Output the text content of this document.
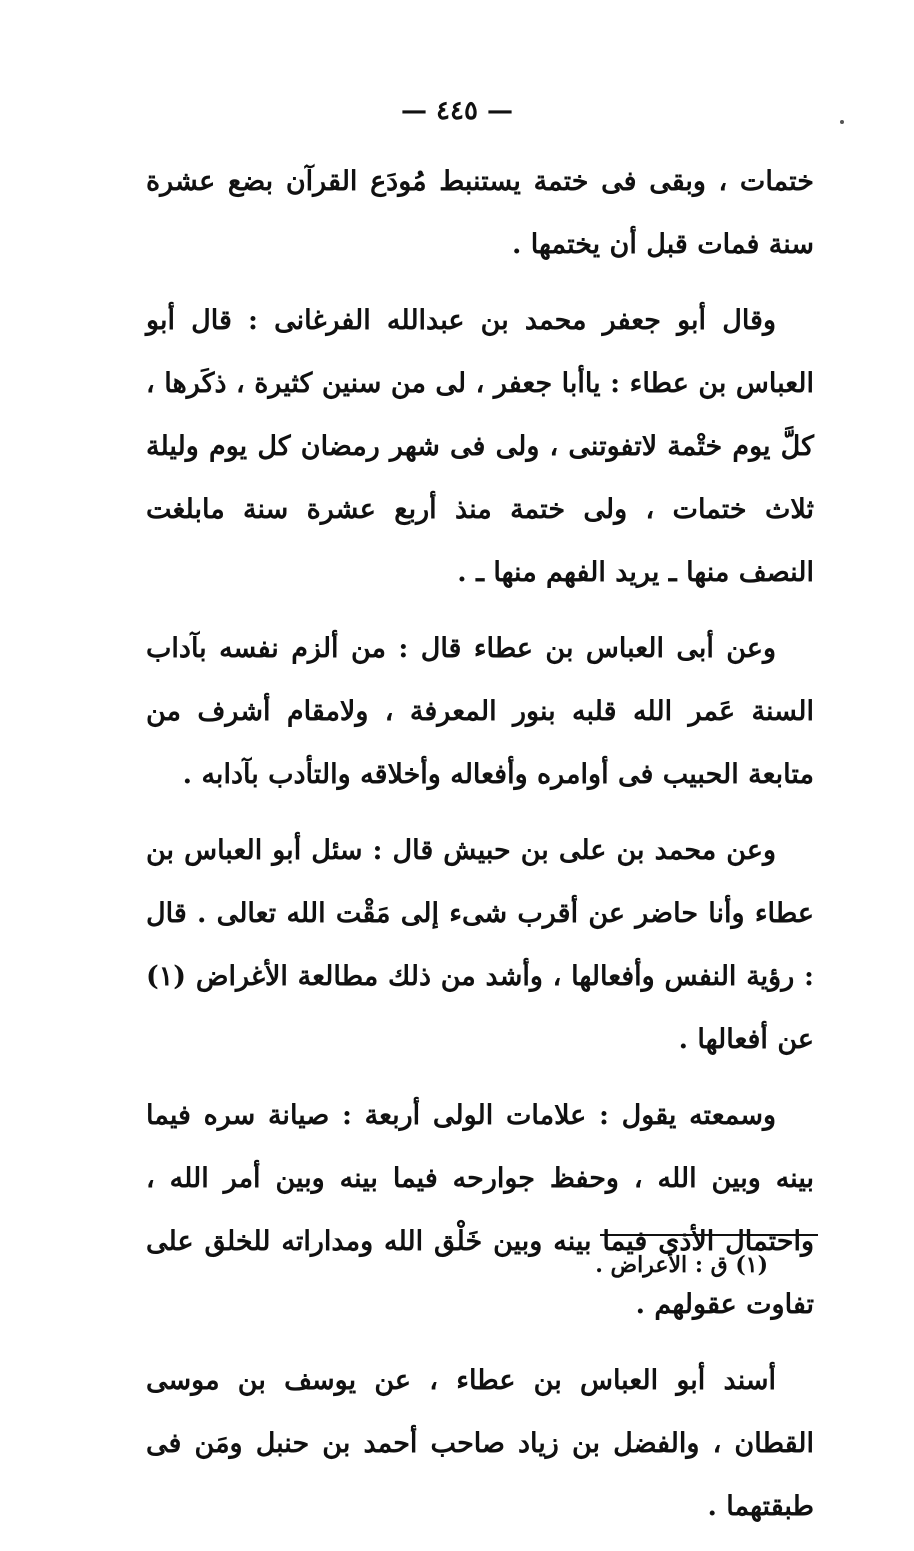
— ٤٤٥ —

ختمات ، وبقى فى ختمة يستنبط مُودَع القرآن بضع عشرة سنة فمات قبل أن يختمها .

وقال أبو جعفر محمد بن عبدالله الفرغانى : قال أبو العباس بن عطاء : ياأبا جعفر ، لى من سنين كثيرة ، ذكَرها ، كلَّ يوم ختْمة لاتفوتنى ، ولى فى شهر رمضان كل يوم وليلة ثلاث ختمات ، ولى ختمة منذ أربع عشرة سنة مابلغت النصف منها ـ يريد الفهم منها ـ .

وعن أبى العباس بن عطاء قال : من ألزم نفسه بآداب السنة عَمر الله قلبه بنور المعرفة ، ولامقام أشرف من متابعة الحبيب فى أوامره وأفعاله وأخلاقه والتأدب بآدابه .

وعن محمد بن على بن حبيش قال : سئل أبو العباس بن عطاء وأنا حاضر عن أقرب شىء إلى مَقْت الله تعالى . قال : رؤية النفس وأفعالها ، وأشد من ذلك مطالعة الأغراض (١) عن أفعالها .

وسمعته يقول : علامات الولى أربعة : صيانة سره فيما بينه وبين الله ، وحفظ جوارحه فيما بينه وبين أمر الله ، واحتمال الأذى فيما بينه وبين خَلْق الله ومداراته للخلق على تفاوت عقولهم .

أسند أبو العباس بن عطاء ، عن يوسف بن موسى القطان ، والفضل بن زياد صاحب أحمد بن حنبل ومَن فى طبقتهما .

(١) ق : الأعراض .
